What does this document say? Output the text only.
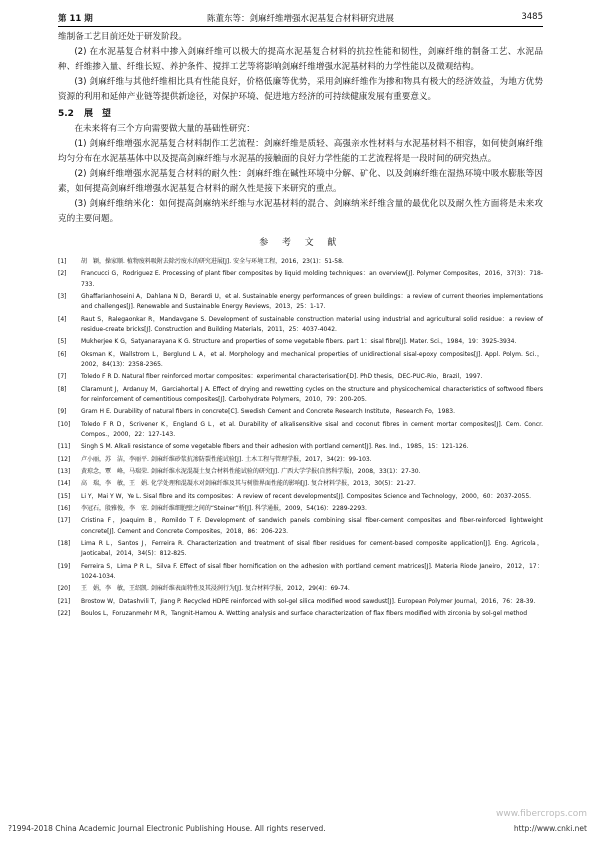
第 11 期	陈董东等：剑麻纤维增强水泥基复合材料研究进展	3485

维制备工艺目前还处于研发阶段。

(2) 在水泥基复合材料中掺入剑麻纤维可以极大的提高水泥基复合材料的抗拉性能和韧性，剑麻纤维的制备工艺、水泥品种、纤维掺入量、纤维长短、养护条件、搅拌工艺等将影响剑麻纤维增强水泥基材料的力学性能以及微观结构。

(3) 剑麻纤维与其他纤维相比具有性能良好，价格低廉等优势，采用剑麻纤维作为掺和物具有极大的经济效益，为地方优势资源的利用和延伸产业链等提供新途径，对保护环境、促进地方经济的可持续健康发展有重要意义。

5.2 展　望

在未来将有三个方向需要做大量的基础性研究：

(1) 剑麻纤维增强水泥基复合材料制作工艺流程：剑麻纤维是质轻、高强亲水性材料与水泥基材料不相容，如何使剑麻纤维均匀分布在水泥基基体中以及提高剑麻纤维与水泥基的接触面的良好力学性能的工艺流程将是一段时间的研究热点。

(2) 剑麻纤维增强水泥基复合材料的耐久性：剑麻纤维在碱性环境中分解、矿化、以及剑麻纤维在湿热环境中吸水膨胀等因素，如何提高剑麻纤维增强水泥基复合材料的耐久性是接下来研究的重点。

(3) 剑麻纤维纳米化：如何提高剑麻纳米纤维与水泥基材料的混合、剑麻纳米纤维含量的最优化以及耐久性方面将是未来攻克的主要问题。

参 考 文 献
[1]	胡　颖，操家顺. 植物废料吸附去除污废水的研究进展[J]. 安全与环境工程，2016，23(1)：51-58.
[2]	Francucci G，Rodriguez E. Processing of plant fiber composites by liquid molding techniques：an overview[J]. Polymer Composites，2016，37(3)：718-733.
[3]	Ghaffarianhoseini A，Dahlana N D，Berardi U，et al. Sustainable energy performances of green buildings：a review of current theories implementations and challenges[J]. Renewable and Sustainable Energy Reviews，2013，25：1-17.
[4]	Raut S，Ralegaonkar R，Mandavgane S. Development of sustainable construction material using industrial and agricultural solid residue：a review of residue-create bricks[J]. Construction and Building Materials，2011，25：4037-4042.
[5]	Mukherjee K G，Satyanarayana K G. Structure and properties of some vegetable fibers. part 1：sisal fibre[J]. Mater. Sci.，1984，19：3925-3934.
[6]	Oksman K，Wallstrom L，Berglund L A，et al. Morphology and mechanical properties of unidirectional sisal-epoxy composites[J]. Appl. Polym. Sci.，2002，84(13)：2358-2365.
[7]	Toledo F R D. Natural fiber reinforced mortar composites：experimental characterisation[D]. PhD thesis，DEC-PUC-Rio，Brazil，1997.
[8]	Claramunt J，Ardanuy M，Garciahortal J A. Effect of drying and rewetting cycles on the structure and physicochemical characteristics of softwood fibers for reinforcement of cementitious composites[J]. Carbohydrate Polymers，2010，79：200-205.
[9]	Gram H E. Durability of natural fibers in concrete[C]. Swedish Cement and Concrete Research Institute，Research Fo，1983.
[10]	Toledo F R D，Scrivener K，England G L，et al. Durability of alkalisensitive sisal and coconut fibres in cement mortar composites[J]. Cem. Concr. Compos.，2000，22：127-143.
[11]	Singh S M. Alkali resistance of some vegetable fibers and their adhesion with portland cement[J]. Res. Ind.，1985，15：121-126.
[12]	卢小丽，苏　洁，李丽平. 剑麻纤维砂浆抗渗防裂性能试验[J]. 土木工程与管理学报，2017，34(2)：99-103.
[13]	黄琼念，覃　峰，马瑞荣. 剑麻纤维水泥混凝土复合材料性能试验的研究[J]. 广西大学学报(自然科学版)，2008，33(1)：27-30.
[14]	高　瑞，李　敏，王　娟. 化学处理和混凝水对剑麻纤维及其与树脂界面性能的影响[J]. 复合材料学报，2013，30(5)：21-27.
[15]	Li Y，Mai Y W，Ye L. Sisal fibre and its composites：A review of recent developments[J]. Composites Science and Technology，2000，60：2037-2055.
[16]	李冠石，殷雅俊，李　宏. 剑麻纤维细胞壁之间的“Steiner”桥[J]. 科学通报，2009，54(16)：2289-2293.
[17]	Cristina F，Joaquim B，Romildo T F. Development of sandwich panels combining sisal fiber-cement composites and fiber-reinforced lightweight concrete[J]. Cement and Concrete Composites，2018，86：206-223.
[18]	Lima R L，Santos J，Ferreira R. Characterization and treatment of sisal fiber residues for cement-based composite application[J]. Eng. Agricola，Jaoticabal，2014，34(5)：812-825.
[19]	Ferreira S，Lima P R L，Silva F. Effect of sisal fiber hornification on the adhesion with portland cement matrices[J]. Materia Riode Janeiro，2012，17：1024-1034.
[20]	王　娟，李　敏，王绍凯. 剑麻纤维表面特性及其浸润行为[J]. 复合材料学报，2012，29(4)：69-74.
[21]	Brostow W，Datashvili T，Jiang P. Recycled HDPE reinforced with sol-gel silica modified wood sawdust[J]. European Polymer Journal，2016，76：28-39.
[22]	Boulos L，Foruzanmehr M R，Tangnit-Hamou A. Wetting analysis and surface characterization of flax fibers modified with zirconia by sol-gel method
?1994-2018 China Academic Journal Electronic Publishing House. All rights reserved.
www.fibercrops.com
http://www.cnki.net
